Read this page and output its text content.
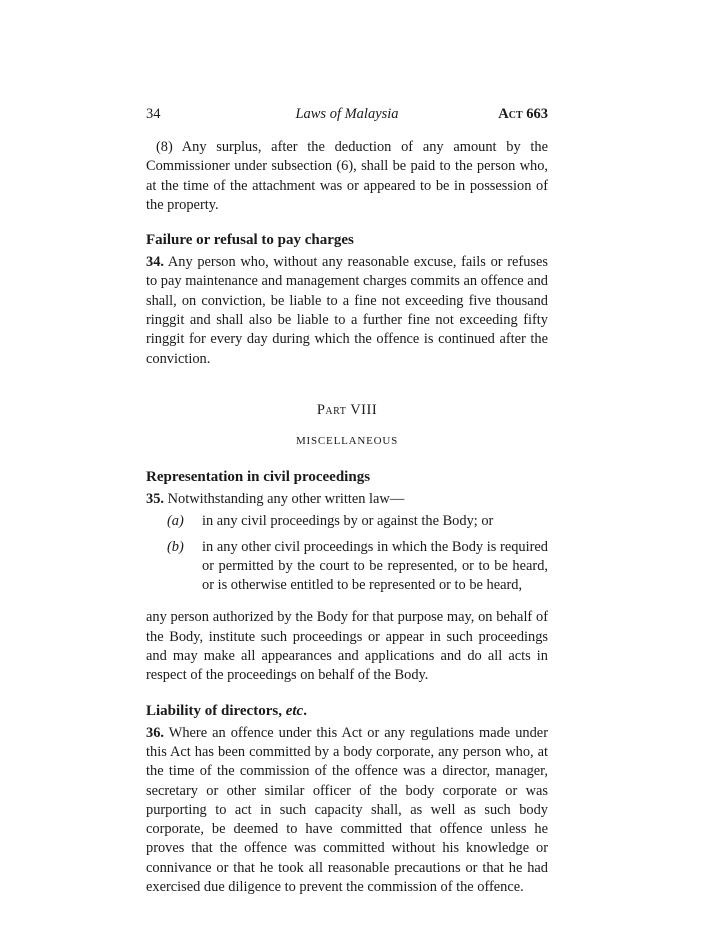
34	Laws of Malaysia	Act 663

(8) Any surplus, after the deduction of any amount by the Commissioner under subsection (6), shall be paid to the person who, at the time of the attachment was or appeared to be in possession of the property.

Failure or refusal to pay charges

34. Any person who, without any reasonable excuse, fails or refuses to pay maintenance and management charges commits an offence and shall, on conviction, be liable to a fine not exceeding five thousand ringgit and shall also be liable to a further fine not exceeding fifty ringgit for every day during which the offence is continued after the conviction.

Part VIII
MISCELLANEOUS
Representation in civil proceedings

35. Notwithstanding any other written law—

(a) in any civil proceedings by or against the Body; or
(b) in any other civil proceedings in which the Body is required or permitted by the court to be represented, or to be heard, or is otherwise entitled to be represented or to be heard,

any person authorized by the Body for that purpose may, on behalf of the Body, institute such proceedings or appear in such proceedings and may make all appearances and applications and do all acts in respect of the proceedings on behalf of the Body.

Liability of directors, etc.

36. Where an offence under this Act or any regulations made under this Act has been committed by a body corporate, any person who, at the time of the commission of the offence was a director, manager, secretary or other similar officer of the body corporate or was purporting to act in such capacity shall, as well as such body corporate, be deemed to have committed that offence unless he proves that the offence was committed without his knowledge or connivance or that he took all reasonable precautions or that he had exercised due diligence to prevent the commission of the offence.
